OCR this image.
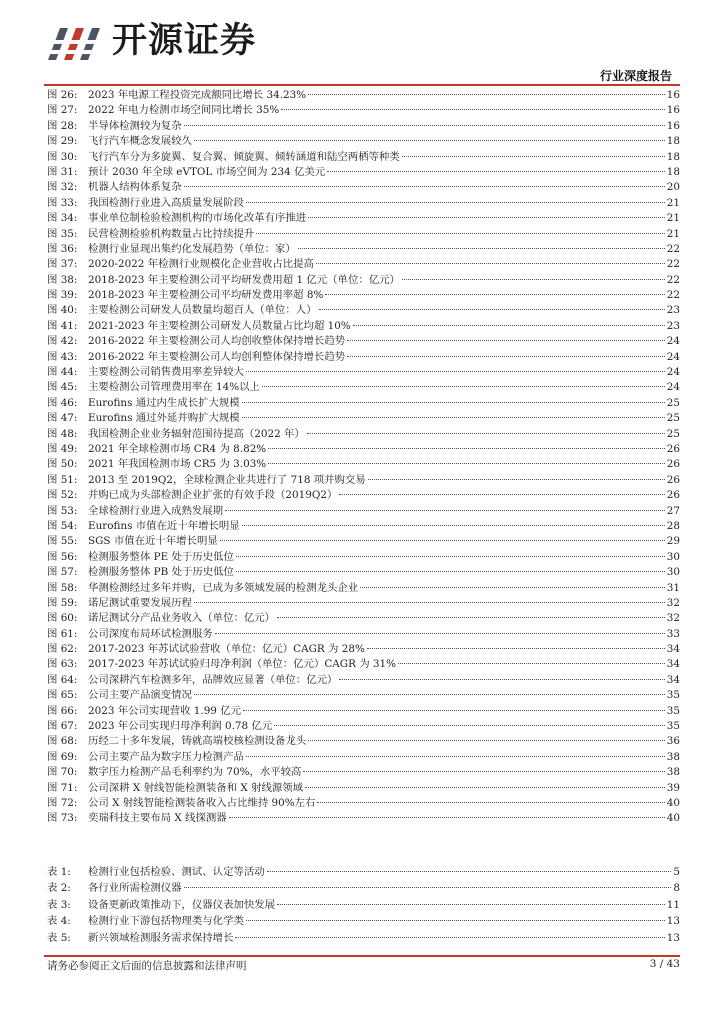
开源证券
行业深度报告
图 26:	2023 年电源工程投资完成额同比增长 34.23%	16
图 27:	2022 年电力检测市场空间同比增长 35%	16
图 28:	半导体检测较为复杂	16
图 29:	飞行汽车概念发展较久	18
图 30:	飞行汽车分为多旋翼、复合翼、倾旋翼、倾转涵道和陆空两栖等种类	18
图 31:	预计 2030 年全球 eVTOL 市场空间为 234 亿美元	18
图 32:	机器人结构体系复杂	20
图 33:	我国检测行业进入高质量发展阶段	21
图 34:	事业单位制检验检测机构的市场化改革有序推进	21
图 35:	民营检测检验机构数量占比持续提升	21
图 36:	检测行业显现出集约化发展趋势（单位：家）	22
图 37:	2020-2022 年检测行业规模化企业营收占比提高	22
图 38:	2018-2023 年主要检测公司平均研发费用超 1 亿元（单位：亿元）	22
图 39:	2018-2023 年主要检测公司平均研发费用率超 8%	22
图 40:	主要检测公司研发人员数量均超百人（单位：人）	23
图 41:	2021-2023 年主要检测公司研发人员数量占比均超 10%	23
图 42:	2016-2022 年主要检测公司人均创收整体保持增长趋势	24
图 43:	2016-2022 年主要检测公司人均创利整体保持增长趋势	24
图 44:	主要检测公司销售费用率差异较大	24
图 45:	主要检测公司管理费用率在 14%以上	24
图 46:	Eurofins 通过内生成长扩大规模	25
图 47:	Eurofins 通过外延并购扩大规模	25
图 48:	我国检测企业业务辐射范围待提高（2022 年）	25
图 49:	2021 年全球检测市场 CR4 为 8.82%	26
图 50:	2021 年我国检测市场 CR5 为 3.03%	26
图 51:	2013 至 2019Q2，全球检测企业共进行了 718 项并购交易	26
图 52:	并购已成为头部检测企业扩张的有效手段（2019Q2）	26
图 53:	全球检测行业进入成熟发展期	27
图 54:	Eurofins 市值在近十年增长明显	28
图 55:	SGS 市值在近十年增长明显	29
图 56:	检测服务整体 PE 处于历史低位	30
图 57:	检测服务整体 PB 处于历史低位	30
图 58:	华测检测经过多年并购，已成为多领域发展的检测龙头企业	31
图 59:	诺尼测试重要发展历程	32
图 60:	诺尼测试分产品业务收入（单位：亿元）	32
图 61:	公司深度布局环试检测服务	33
图 62:	2017-2023 年苏试试验营收（单位：亿元）CAGR 为 28%	34
图 63:	2017-2023 年苏试试验归母净利润（单位：亿元）CAGR 为 31%	34
图 64:	公司深耕汽车检测多年，品牌效应显著（单位：亿元）	34
图 65:	公司主要产品演变情况	35
图 66:	2023 年公司实现营收 1.99 亿元	35
图 67:	2023 年公司实现归母净利润 0.78 亿元	35
图 68:	历经二十多年发展，铸就高端校核检测设备龙头	36
图 69:	公司主要产品为数字压力检测产品	38
图 70:	数字压力检测产品毛利率约为 70%，水平较高	38
图 71:	公司深耕 X 射线智能检测装备和 X 射线源领域	39
图 72:	公司 X 射线智能检测装备收入占比维持 90%左右	40
图 73:	奕瑞科技主要布局 X 线探测器	40
表 1:	检测行业包括检验、测试、认定等活动	5
表 2:	各行业所需检测仪器	8
表 3:	设备更新政策推动下，仪器仪表加快发展	11
表 4:	检测行业下游包括物理类与化学类	13
表 5:	新兴领域检测服务需求保持增长	13
请务必参阅正文后面的信息披露和法律声明	3 / 43
